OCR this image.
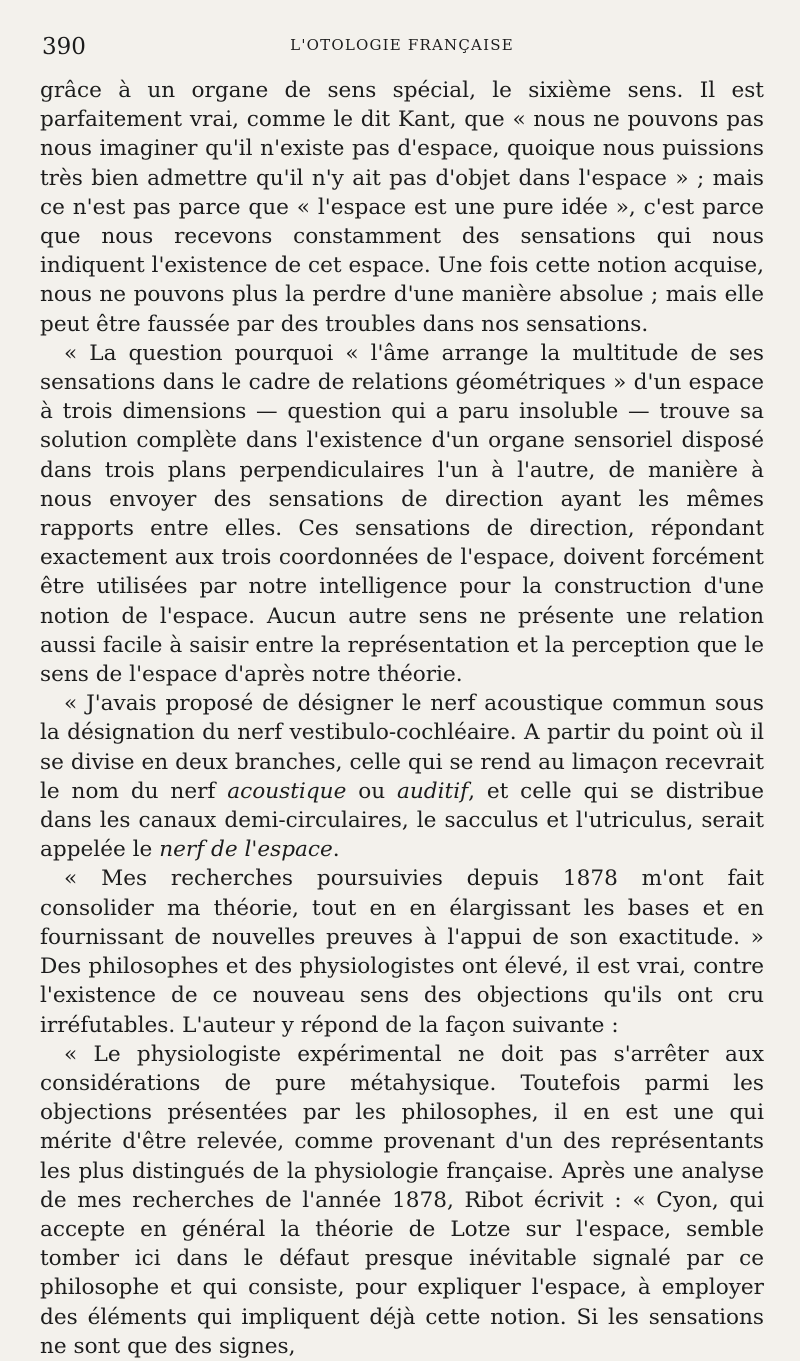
390	L'OTOLOGIE FRANÇAISE

grâce à un organe de sens spécial, le sixième sens. Il est parfaitement vrai, comme le dit Kant, que « nous ne pouvons pas nous imaginer qu'il n'existe pas d'espace, quoique nous puissions très bien admettre qu'il n'y ait pas d'objet dans l'espace » ; mais ce n'est pas parce que « l'espace est une pure idée », c'est parce que nous recevons constamment des sensations qui nous indiquent l'existence de cet espace. Une fois cette notion acquise, nous ne pouvons plus la perdre d'une manière absolue ; mais elle peut être faussée par des troubles dans nos sensations.

« La question pourquoi « l'âme arrange la multitude de ses sensations dans le cadre de relations géométriques » d'un espace à trois dimensions — question qui a paru insoluble — trouve sa solution complète dans l'existence d'un organe sensoriel disposé dans trois plans perpendiculaires l'un à l'autre, de manière à nous envoyer des sensations de direction ayant les mêmes rapports entre elles. Ces sensations de direction, répondant exactement aux trois coordonnées de l'espace, doivent forcément être utilisées par notre intelligence pour la construction d'une notion de l'espace. Aucun autre sens ne présente une relation aussi facile à saisir entre la représentation et la perception que le sens de l'espace d'après notre théorie.

« J'avais proposé de désigner le nerf acoustique commun sous la désignation du nerf vestibulo-cochléaire. A partir du point où il se divise en deux branches, celle qui se rend au limaçon recevrait le nom du nerf acoustique ou auditif, et celle qui se distribue dans les canaux demi-circulaires, le sacculus et l'utriculus, serait appelée le nerf de l'espace.

« Mes recherches poursuivies depuis 1878 m'ont fait consolider ma théorie, tout en en élargissant les bases et en fournissant de nouvelles preuves à l'appui de son exactitude. » Des philosophes et des physiologistes ont élevé, il est vrai, contre l'existence de ce nouveau sens des objections qu'ils ont cru irréfutables. L'auteur y répond de la façon suivante :

« Le physiologiste expérimental ne doit pas s'arrêter aux considérations de pure métahysique. Toutefois parmi les objections présentées par les philosophes, il en est une qui mérite d'être relevée, comme provenant d'un des représentants les plus distingués de la physiologie française. Après une analyse de mes recherches de l'année 1878, Ribot écrivit : « Cyon, qui accepte en général la théorie de Lotze sur l'espace, semble tomber ici dans le défaut presque inévitable signalé par ce philosophe et qui consiste, pour expliquer l'espace, à employer des éléments qui impliquent déjà cette notion. Si les sensations ne sont que des signes,
